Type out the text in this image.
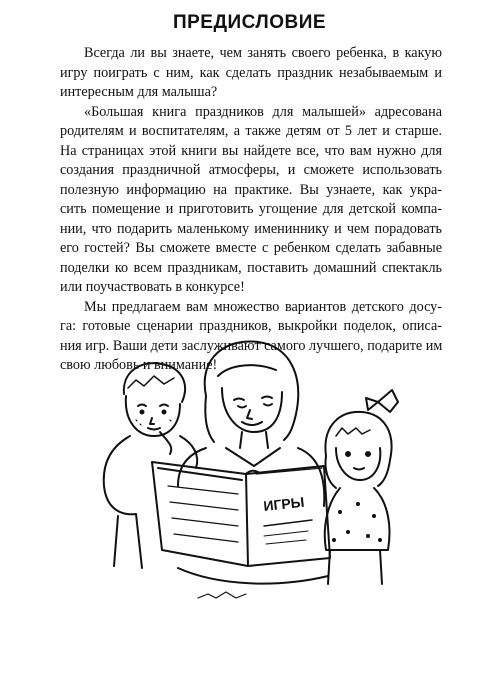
ПРЕДИСЛОВИЕ

Всегда ли вы знаете, чем занять своего ребенка, в какую
игру поиграть с ним, как сделать праздник незабываемым и
интересным для малыша?

«Большая книга праздников для малышей» адресована
родителям и воспитателям, а также детям от 5 лет и старше.
На страницах этой книги вы найдете все, что вам нужно для
создания праздничной атмосферы, и сможете использовать
полезную информацию на практике. Вы узнаете, как укра-
сить помещение и приготовить угощение для детской компа-
нии, что подарить маленькому имениннику и чем порадовать
его гостей? Вы сможете вместе с ребенком сделать забавные
поделки ко всем праздникам, поставить домашний спектакль
или поучаствовать в конкурсе!

Мы предлагаем вам множество вариантов детского досу-
га: готовые сценарии праздников, выкройки поделок, описа-
ния игр. Ваши дети заслуживают самого лучшего, подарите им
свою любовь и внимание!

ИГРЫ
